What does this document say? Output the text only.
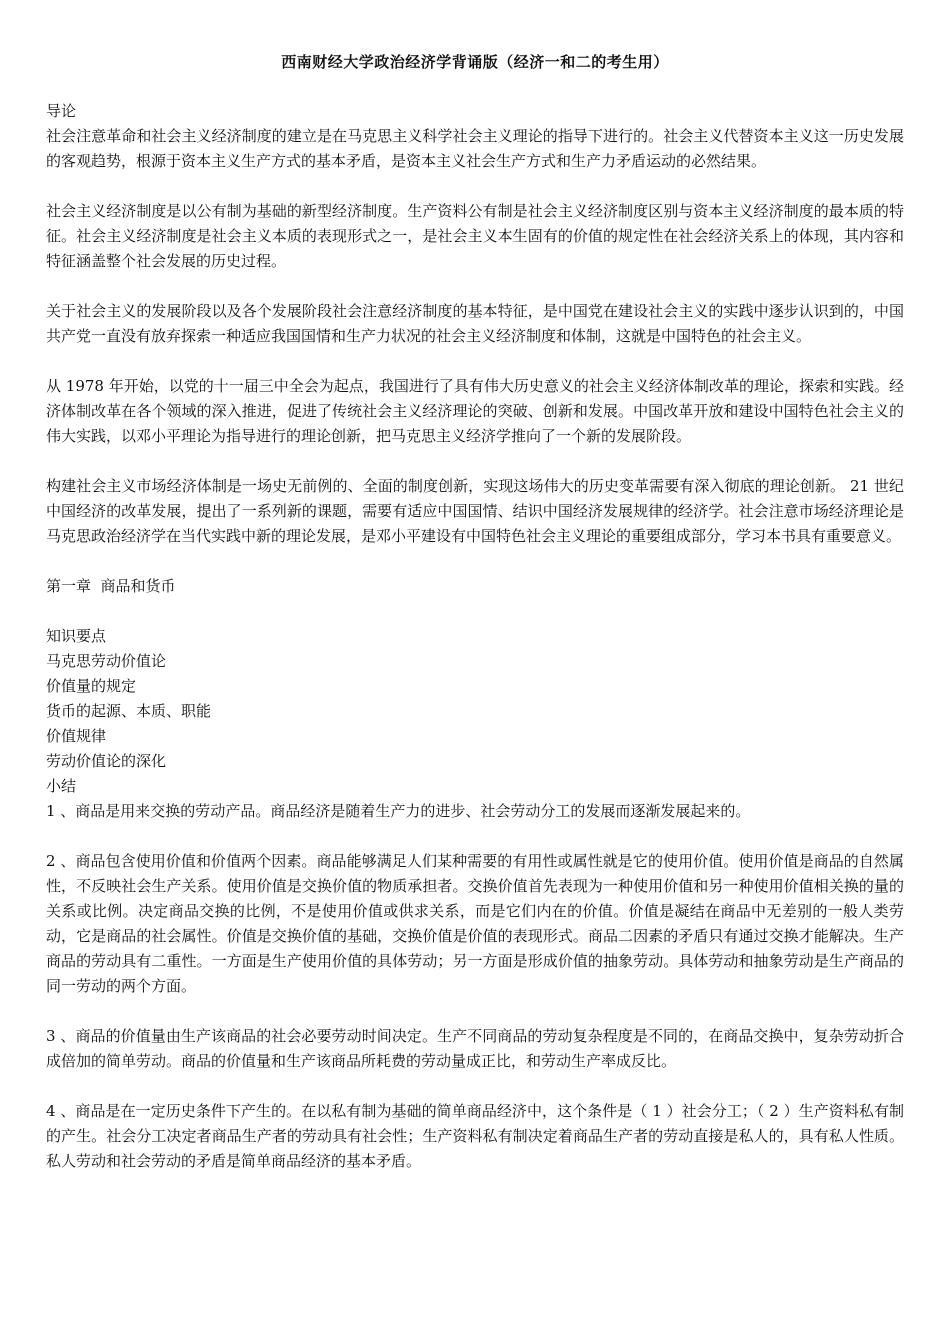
西南财经大学政治经济学背诵版（经济一和二的考生用）

导论

社会注意革命和社会主义经济制度的建立是在马克思主义科学社会主义理论的指导下进行的。社会主义代替资本主义这一历史发展的客观趋势，根源于资本主义生产方式的基本矛盾，是资本主义社会生产方式和生产力矛盾运动的必然结果。

社会主义经济制度是以公有制为基础的新型经济制度。生产资料公有制是社会主义经济制度区别与资本主义经济制度的最本质的特征。社会主义经济制度是社会主义本质的表现形式之一，是社会主义本生固有的价值的规定性在社会经济关系上的体现，其内容和特征涵盖整个社会发展的历史过程。

关于社会主义的发展阶段以及各个发展阶段社会注意经济制度的基本特征，是中国党在建设社会主义的实践中逐步认识到的，中国共产党一直没有放弃探索一种适应我国国情和生产力状况的社会主义经济制度和体制，这就是中国特色的社会主义。

从 1978 年开始，以党的十一届三中全会为起点，我国进行了具有伟大历史意义的社会主义经济体制改革的理论，探索和实践。经济体制改革在各个领域的深入推进，促进了传统社会主义经济理论的突破、创新和发展。中国改革开放和建设中国特色社会主义的伟大实践，以邓小平理论为指导进行的理论创新，把马克思主义经济学推向了一个新的发展阶段。

构建社会主义市场经济体制是一场史无前例的、全面的制度创新，实现这场伟大的历史变革需要有深入彻底的理论创新。 21 世纪中国经济的改革发展，提出了一系列新的课题，需要有适应中国国情、结识中国经济发展规律的经济学。社会注意市场经济理论是马克思政治经济学在当代实践中新的理论发展，是邓小平建设有中国特色社会主义理论的重要组成部分，学习本书具有重要意义。

第一章  商品和货币

知识要点

马克思劳动价值论
价值量的规定
货币的起源、本质、职能
价值规律
劳动价值论的深化

小结

1 、商品是用来交换的劳动产品。商品经济是随着生产力的进步、社会劳动分工的发展而逐渐发展起来的。

2 、商品包含使用价值和价值两个因素。商品能够满足人们某种需要的有用性或属性就是它的使用价值。使用价值是商品的自然属性，不反映社会生产关系。使用价值是交换价值的物质承担者。交换价值首先表现为一种使用价值和另一种使用价值相关换的量的关系或比例。决定商品交换的比例，不是使用价值或供求关系，而是它们内在的价值。价值是凝结在商品中无差别的一般人类劳动，它是商品的社会属性。价值是交换价值的基础，交换价值是价值的表现形式。商品二因素的矛盾只有通过交换才能解决。生产商品的劳动具有二重性。一方面是生产使用价值的具体劳动；另一方面是形成价值的抽象劳动。具体劳动和抽象劳动是生产商品的同一劳动的两个方面。

3 、商品的价值量由生产该商品的社会必要劳动时间决定。生产不同商品的劳动复杂程度是不同的，在商品交换中，复杂劳动折合成倍加的简单劳动。商品的价值量和生产该商品所耗费的劳动量成正比，和劳动生产率成反比。

4 、商品是在一定历史条件下产生的。在以私有制为基础的简单商品经济中，这个条件是（ 1 ）社会分工；（ 2 ）生产资料私有制的产生。社会分工决定者商品生产者的劳动具有社会性；生产资料私有制决定着商品生产者的劳动直接是私人的，具有私人性质。私人劳动和社会劳动的矛盾是简单商品经济的基本矛盾。
